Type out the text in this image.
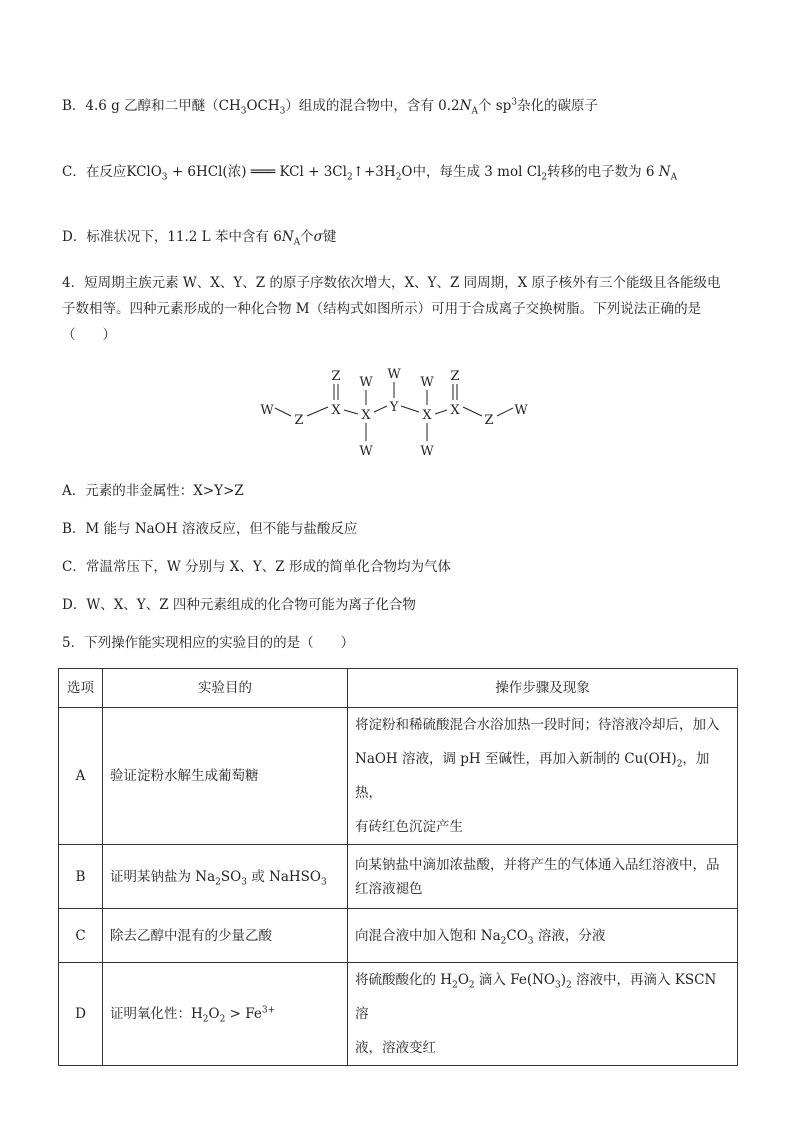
B．4.6 g 乙醇和二甲醚$(CH_3OCH_3)$组成的混合物中，含有 $0.2N_A$个 $sp^3$杂化的碳原子
C．在反应KClO$_3$ + 6HCl(浓) ═══ KCl + $3Cl_2↑+3H_2O$中，每生成 3 mol $Cl_2$转移的电子数为 6 $N_A$
D．标准状况下，11.2 L 苯中含有 $6N_A$个σ键
4．短周期主族元素 W、X、Y、Z 的原子序数依次增大，X、Y、Z 同周期，X 原子核外有三个能级且各能级电子数相等。四种元素形成的一种化合物 M（结构式如图所示）可用于合成离子交换树脂。下列说法正确的是（　　）
W
Z
X
Z
X
W
W
Y
W
X
W
W
X
Z
Z
W
A．元素的非金属性：X>Y>Z
B．M 能与 NaOH 溶液反应，但不能与盐酸反应
C．常温常压下，W 分别与 X、Y、Z 形成的简单化合物均为气体
D．W、X、Y、Z 四种元素组成的化合物可能为离子化合物
5．下列操作能实现相应的实验目的的是（　　）
选项	实验目的	操作步骤及现象
A	验证淀粉水解生成葡萄糖	将淀粉和稀硫酸混合水浴加热一段时间；待溶液冷却后，加入
NaOH 溶液，调 pH 至碱性，再加入新制的 $Cu(OH)_2$，加热，
有砖红色沉淀产生

B	证明某钠盐为 $Na_2SO_3$ 或 NaHSO$_3$	向某钠盐中滴加浓盐酸，并将产生的气体通入品红溶液中，品
红溶液褪色

C	除去乙醇中混有的少量乙酸	向混合液中加入饱和 $Na_2CO_3$ 溶液，分液
D	证明氧化性：$H_2O_2 > Fe^{3+}$	将硫酸酸化的 $H_2O_2$ 滴入 $Fe(NO_3)_2$ 溶液中，再滴入 KSCN 溶
液，溶液变红
